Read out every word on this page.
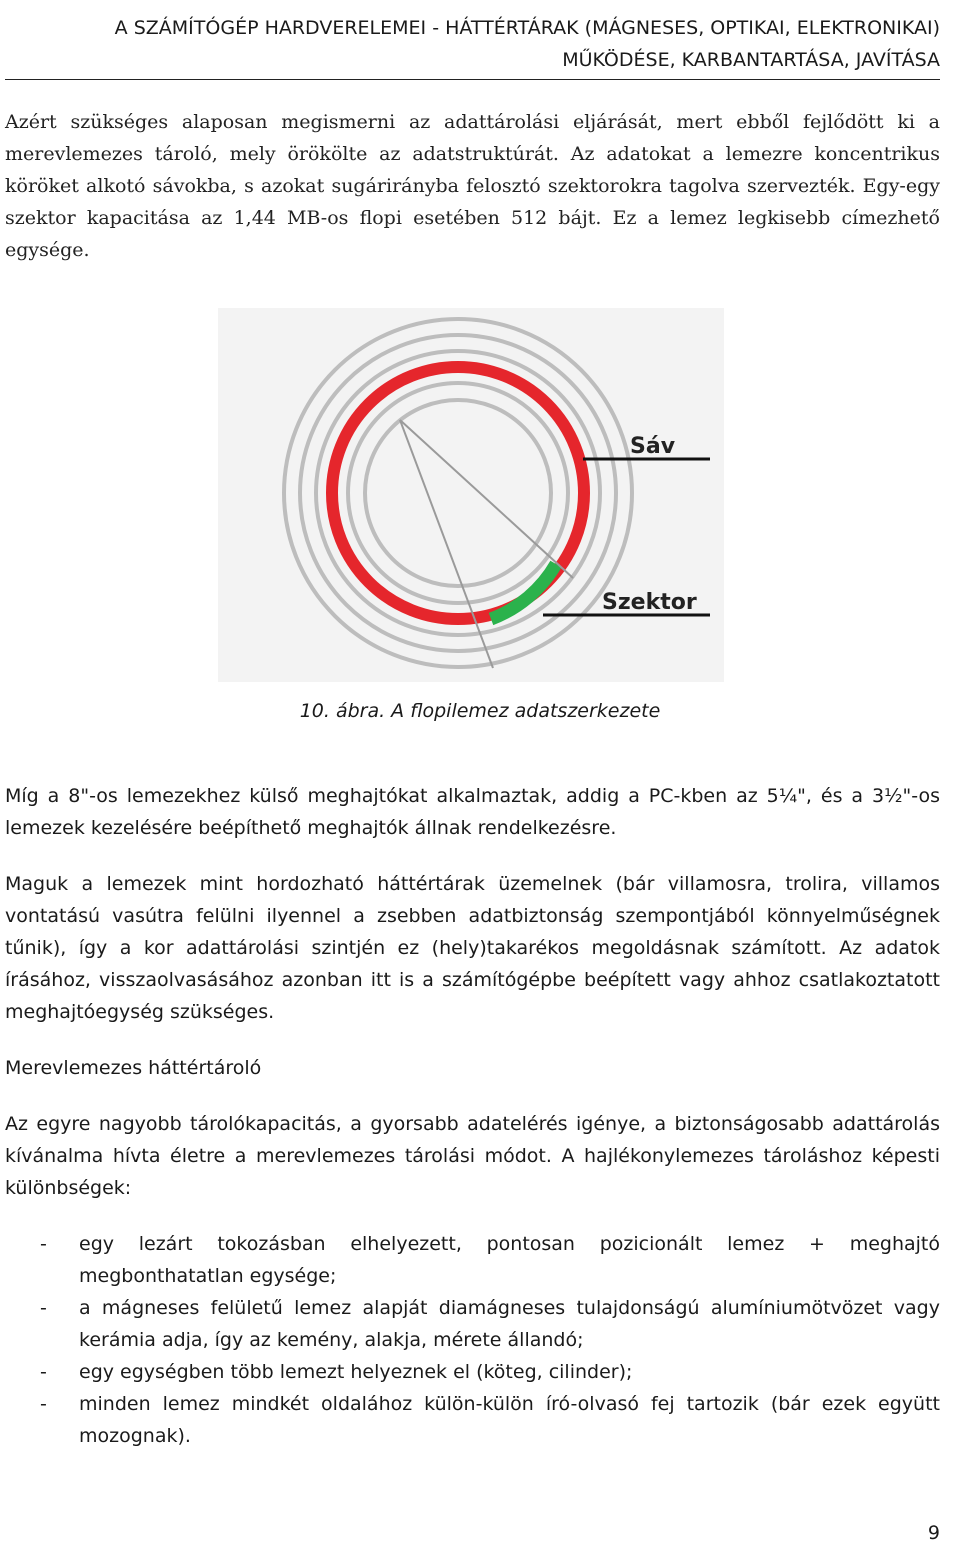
A SZÁMÍTÓGÉP HARDVERELEMEI - HÁTTÉRTÁRAK (MÁGNESES, OPTIKAI, ELEKTRONIKAI)
MŰKÖDÉSE, KARBANTARTÁSA, JAVÍTÁSA

Azért szükséges alaposan megismerni az adattárolási eljárását, mert ebből fejlődött ki a merevlemezes tároló, mely örökölte az adatstruktúrát. Az adatokat a lemezre koncentrikus köröket alkotó sávokba, s azokat sugárirányba felosztó szektorokra tagolva szervezték. Egy-egy szektor kapacitása az 1,44 MB-os flopi esetében 512 bájt. Ez a lemez legkisebb címezhető egysége.

Sáv
Szektor
10. ábra. A flopilemez adatszerkezete

Míg a 8"-os lemezekhez külső meghajtókat alkalmaztak, addig a PC-kben az 5¼", és a 3½"-os lemezek kezelésére beépíthető meghajtók állnak rendelkezésre.

Maguk a lemezek mint hordozható háttértárak üzemelnek (bár villamosra, trolira, villamos vontatású vasútra felülni ilyennel a zsebben adatbiztonság szempontjából könnyelműségnek tűnik), így a kor adattárolási szintjén ez (hely)takarékos megoldásnak számított. Az adatok írásához, visszaolvasásához azonban itt is a számítógépbe beépített vagy ahhoz csatlakoztatott meghajtóegység szükséges.

Merevlemezes háttértároló

Az egyre nagyobb tárolókapacitás, a gyorsabb adatelérés igénye, a biztonságosabb adattárolás kívánalma hívta életre a merevlemezes tárolási módot. A hajlékonylemezes tároláshoz képesti különbségek:

- egy lezárt tokozásban elhelyezett, pontosan pozicionált lemez + meghajtó megbonthatatlan egysége;
- a mágneses felületű lemez alapját diamágneses tulajdonságú alumíniumötvözet vagy kerámia adja, így az kemény, alakja, mérete állandó;
- egy egységben több lemezt helyeznek el (köteg, cilinder);
- minden lemez mindkét oldalához külön-külön író-olvasó fej tartozik (bár ezek együtt mozognak).
9
